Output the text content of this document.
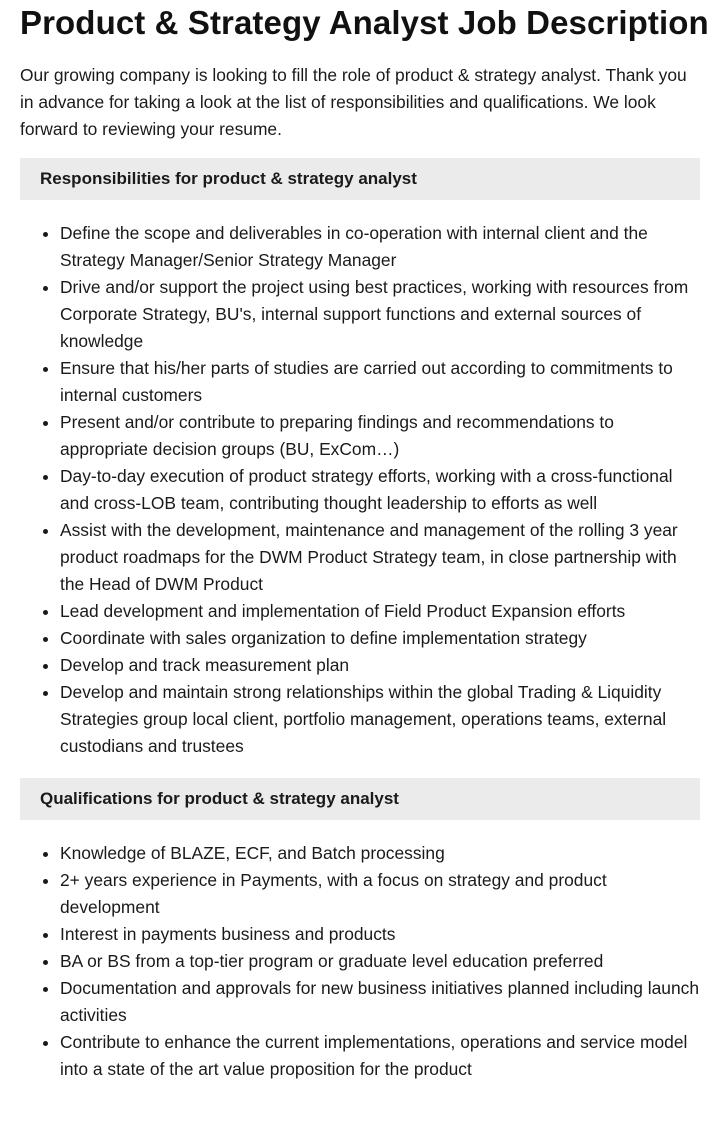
Product & Strategy Analyst Job Description

Our growing company is looking to fill the role of product & strategy analyst. Thank you in advance for taking a look at the list of responsibilities and qualifications. We look forward to reviewing your resume.

Responsibilities for product & strategy analyst
• Define the scope and deliverables in co-operation with internal client and the Strategy Manager/Senior Strategy Manager
• Drive and/or support the project using best practices, working with resources from Corporate Strategy, BU's, internal support functions and external sources of knowledge
• Ensure that his/her parts of studies are carried out according to commitments to internal customers
• Present and/or contribute to preparing findings and recommendations to appropriate decision groups (BU, ExCom…)
• Day-to-day execution of product strategy efforts, working with a cross-functional and cross-LOB team, contributing thought leadership to efforts as well
• Assist with the development, maintenance and management of the rolling 3 year product roadmaps for the DWM Product Strategy team, in close partnership with the Head of DWM Product
• Lead development and implementation of Field Product Expansion efforts
• Coordinate with sales organization to define implementation strategy
• Develop and track measurement plan
• Develop and maintain strong relationships within the global Trading & Liquidity Strategies group local client, portfolio management, operations teams, external custodians and trustees
Qualifications for product & strategy analyst
• Knowledge of BLAZE, ECF, and Batch processing
• 2+ years experience in Payments, with a focus on strategy and product development
• Interest in payments business and products
• BA or BS from a top-tier program or graduate level education preferred
• Documentation and approvals for new business initiatives planned including launch activities
• Contribute to enhance the current implementations, operations and service model into a state of the art value proposition for the product
